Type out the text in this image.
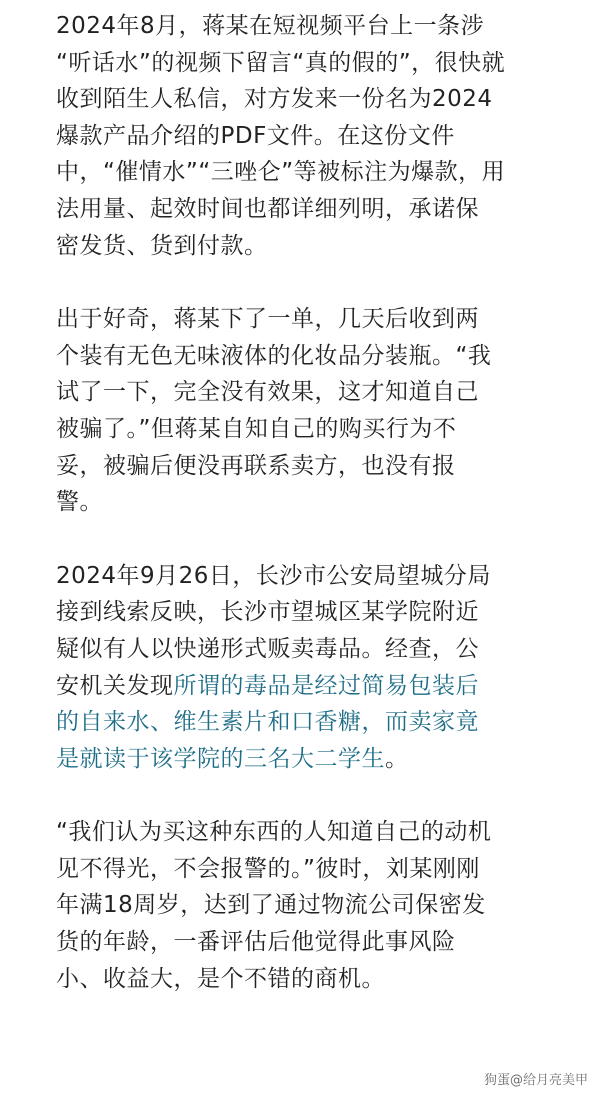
2024年8月，蒋某在短视频平台上一条涉
“听话水”的视频下留言“真的假的”，很快就
收到陌生人私信，对方发来一份名为2024
爆款产品介绍的PDF文件。在这份文件
中，“催情水”“三唑仑”等被标注为爆款，用
法用量、起效时间也都详细列明，承诺保
密发货、货到付款。

出于好奇，蒋某下了一单，几天后收到两
个装有无色无味液体的化妆品分装瓶。“我
试了一下，完全没有效果，这才知道自己
被骗了。”但蒋某自知自己的购买行为不
妥，被骗后便没再联系卖方，也没有报
警。

2024年9月26日，长沙市公安局望城分局
接到线索反映，长沙市望城区某学院附近
疑似有人以快递形式贩卖毒品。经查，公
安机关发现所谓的毒品是经过简易包装后
的自来水、维生素片和口香糖，而卖家竟
是就读于该学院的三名大二学生。

“我们认为买这种东西的人知道自己的动机
见不得光，不会报警的。”彼时，刘某刚刚
年满18周岁，达到了通过物流公司保密发
货的年龄，一番评估后他觉得此事风险
小、收益大，是个不错的商机。

狗蛋@给月亮美甲
